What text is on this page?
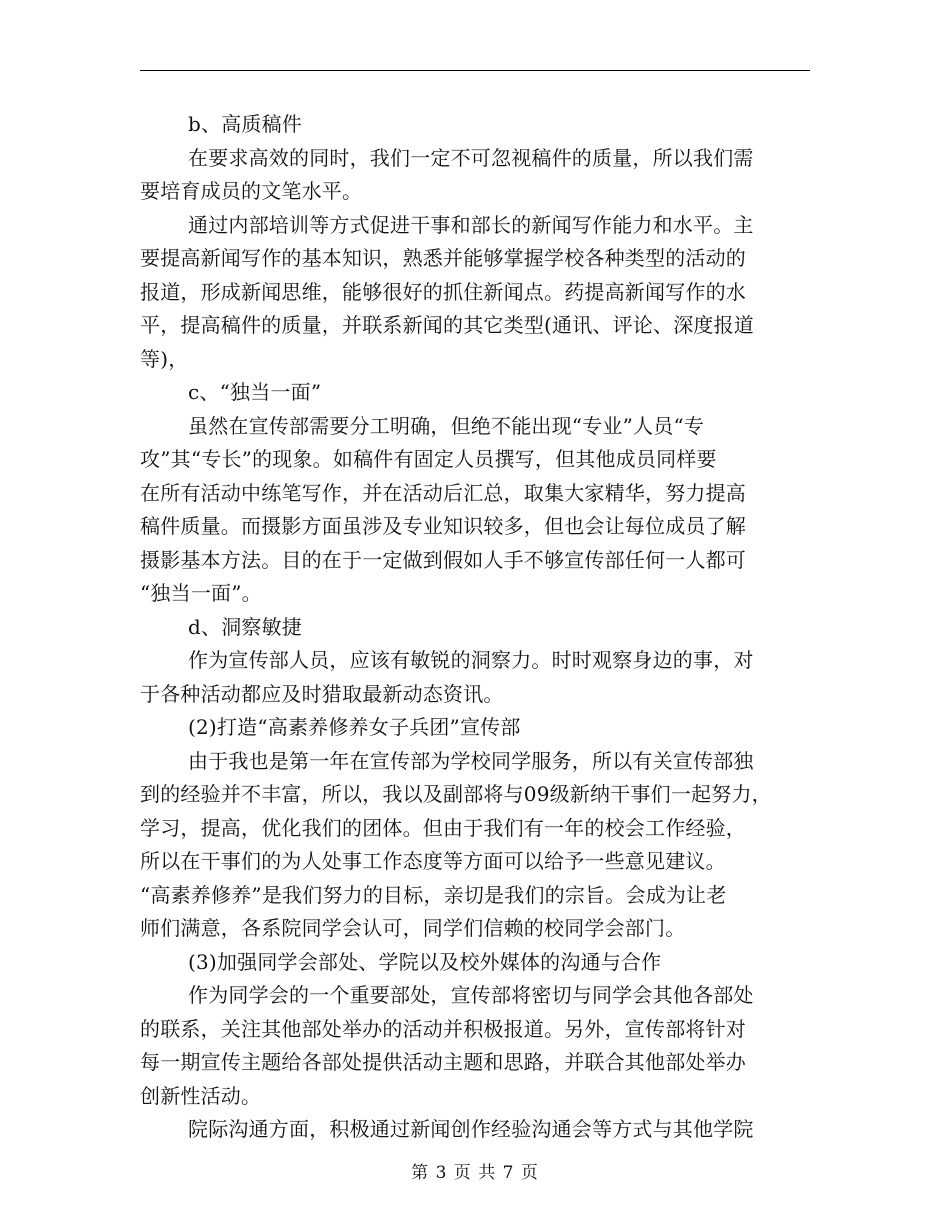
b、高质稿件
在要求高效的同时，我们一定不可忽视稿件的质量，所以我们需
要培育成员的文笔水平。
通过内部培训等方式促进干事和部长的新闻写作能力和水平。主
要提高新闻写作的基本知识，熟悉并能够掌握学校各种类型的活动的
报道，形成新闻思维，能够很好的抓住新闻点。药提高新闻写作的水
平，提高稿件的质量，并联系新闻的其它类型(通讯、评论、深度报道
等)，
c、“独当一面”
虽然在宣传部需要分工明确，但绝不能出现“专业”人员“专
攻”其“专长”的现象。如稿件有固定人员撰写，但其他成员同样要
在所有活动中练笔写作，并在活动后汇总，取集大家精华，努力提高
稿件质量。而摄影方面虽涉及专业知识较多，但也会让每位成员了解
摄影基本方法。目的在于一定做到假如人手不够宣传部任何一人都可
“独当一面”。
d、洞察敏捷
作为宣传部人员，应该有敏锐的洞察力。时时观察身边的事，对
于各种活动都应及时猎取最新动态资讯。
(2)打造“高素养修养女子兵团”宣传部
由于我也是第一年在宣传部为学校同学服务，所以有关宣传部独
到的经验并不丰富，所以，我以及副部将与09级新纳干事们一起努力，
学习，提高，优化我们的团体。但由于我们有一年的校会工作经验，
所以在干事们的为人处事工作态度等方面可以给予一些意见建议。
“高素养修养”是我们努力的目标，亲切是我们的宗旨。会成为让老
师们满意，各系院同学会认可，同学们信赖的校同学会部门。
(3)加强同学会部处、学院以及校外媒体的沟通与合作
作为同学会的一个重要部处，宣传部将密切与同学会其他各部处
的联系，关注其他部处举办的活动并积极报道。另外，宣传部将针对
每一期宣传主题给各部处提供活动主题和思路，并联合其他部处举办
创新性活动。
院际沟通方面，积极通过新闻创作经验沟通会等方式与其他学院
第 3 页 共 7 页
